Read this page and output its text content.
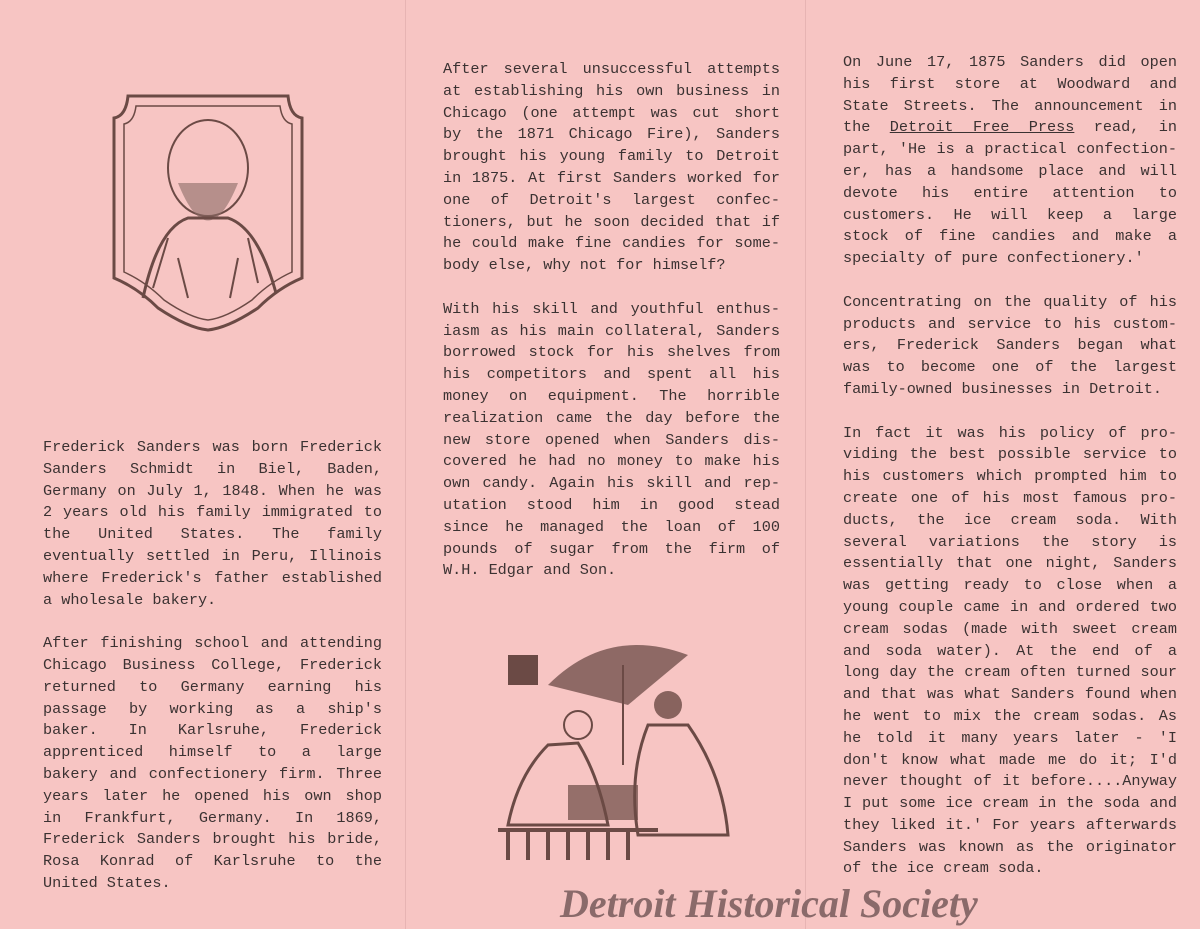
Frederick Sanders was born Frederick
Sanders Schmidt in Biel, Baden,
Germany on July 1, 1848. When he was
2 years old his family immigrated to
the United States. The family
eventually settled in Peru, Illinois
where Frederick's father established
a wholesale bakery.
After finishing school and attending
Chicago Business College, Frederick
returned to Germany earning his
passage by working as a ship's
baker. In Karlsruhe, Frederick
apprenticed himself to a large
bakery and confectionery firm. Three
years later he opened his own shop
in Frankfurt, Germany. In 1869,
Frederick Sanders brought his bride,
Rosa Konrad of Karlsruhe to the
United States.
After several unsuccessful attempts
at establishing his own business in
Chicago (one attempt was cut short
by the 1871 Chicago Fire), Sanders
brought his young family to Detroit
in 1875. At first Sanders worked for
one of Detroit's largest confec-
tioners, but he soon decided that if
he could make fine candies for some-
body else, why not for himself?
With his skill and youthful enthus-
iasm as his main collateral, Sanders
borrowed stock for his shelves from
his competitors and spent all his
money on equipment. The horrible
realization came the day before the
new store opened when Sanders dis-
covered he had no money to make his
own candy. Again his skill and rep-
utation stood him in good stead
since he managed the loan of 100
pounds of sugar from the firm of
W.H. Edgar and Son.
On June 17, 1875 Sanders did open
his first store at Woodward and
State Streets. The announcement in
the Detroit Free Press read, in
part, 'He is a practical confection-
er, has a handsome place and will
devote his entire attention to
customers. He will keep a large
stock of fine candies and make a
specialty of pure confectionery.'
Concentrating on the quality of his
products and service to his custom-
ers, Frederick Sanders began what
was to become one of the largest
family-owned businesses in Detroit.
In fact it was his policy of pro-
viding the best possible service to
his customers which prompted him to
create one of his most famous pro-
ducts, the ice cream soda. With
several variations the story is
essentially that one night, Sanders
was getting ready to close when a
young couple came in and ordered two
cream sodas (made with sweet cream
and soda water). At the end of a
long day the cream often turned sour
and that was what Sanders found when
he went to mix the cream sodas. As
he told it many years later - 'I
don't know what made me do it; I'd
never thought of it before....Anyway
I put some ice cream in the soda and
they liked it.' For years afterwards
Sanders was known as the originator
of the ice cream soda.
Detroit Historical Society
